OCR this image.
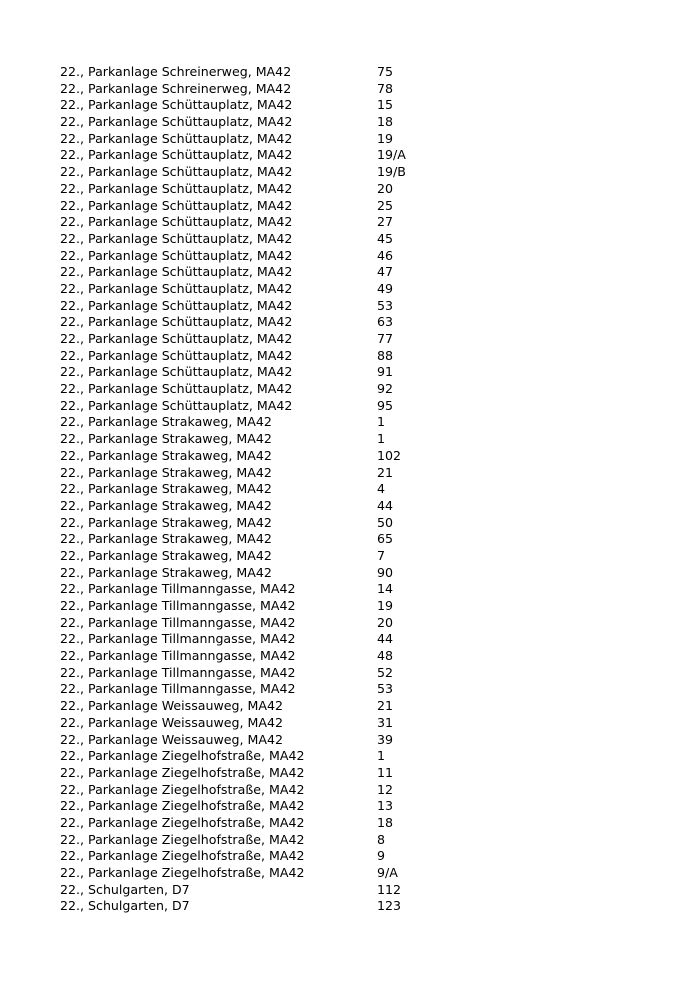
22., Parkanlage Schreinerweg, MA42	75
22., Parkanlage Schreinerweg, MA42	78
22., Parkanlage Schüttauplatz, MA42	15
22., Parkanlage Schüttauplatz, MA42	18
22., Parkanlage Schüttauplatz, MA42	19
22., Parkanlage Schüttauplatz, MA42	19/A
22., Parkanlage Schüttauplatz, MA42	19/B
22., Parkanlage Schüttauplatz, MA42	20
22., Parkanlage Schüttauplatz, MA42	25
22., Parkanlage Schüttauplatz, MA42	27
22., Parkanlage Schüttauplatz, MA42	45
22., Parkanlage Schüttauplatz, MA42	46
22., Parkanlage Schüttauplatz, MA42	47
22., Parkanlage Schüttauplatz, MA42	49
22., Parkanlage Schüttauplatz, MA42	53
22., Parkanlage Schüttauplatz, MA42	63
22., Parkanlage Schüttauplatz, MA42	77
22., Parkanlage Schüttauplatz, MA42	88
22., Parkanlage Schüttauplatz, MA42	91
22., Parkanlage Schüttauplatz, MA42	92
22., Parkanlage Schüttauplatz, MA42	95
22., Parkanlage Strakaweg, MA42	1
22., Parkanlage Strakaweg, MA42	1
22., Parkanlage Strakaweg, MA42	102
22., Parkanlage Strakaweg, MA42	21
22., Parkanlage Strakaweg, MA42	4
22., Parkanlage Strakaweg, MA42	44
22., Parkanlage Strakaweg, MA42	50
22., Parkanlage Strakaweg, MA42	65
22., Parkanlage Strakaweg, MA42	7
22., Parkanlage Strakaweg, MA42	90
22., Parkanlage Tillmanngasse, MA42	14
22., Parkanlage Tillmanngasse, MA42	19
22., Parkanlage Tillmanngasse, MA42	20
22., Parkanlage Tillmanngasse, MA42	44
22., Parkanlage Tillmanngasse, MA42	48
22., Parkanlage Tillmanngasse, MA42	52
22., Parkanlage Tillmanngasse, MA42	53
22., Parkanlage Weissauweg, MA42	21
22., Parkanlage Weissauweg, MA42	31
22., Parkanlage Weissauweg, MA42	39
22., Parkanlage Ziegelhofstraße, MA42	1
22., Parkanlage Ziegelhofstraße, MA42	11
22., Parkanlage Ziegelhofstraße, MA42	12
22., Parkanlage Ziegelhofstraße, MA42	13
22., Parkanlage Ziegelhofstraße, MA42	18
22., Parkanlage Ziegelhofstraße, MA42	8
22., Parkanlage Ziegelhofstraße, MA42	9
22., Parkanlage Ziegelhofstraße, MA42	9/A
22., Schulgarten, D7	112
22., Schulgarten, D7	123
